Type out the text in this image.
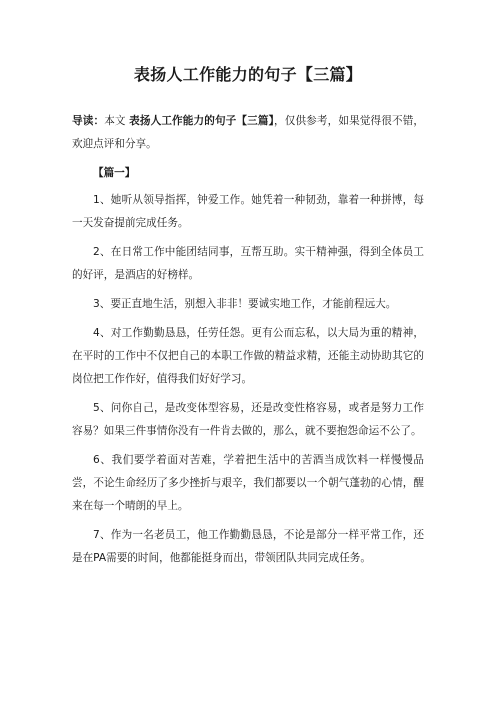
表扬人工作能力的句子【三篇】

导读：本文 表扬人工作能力的句子【三篇】，仅供参考，如果觉得很不错，欢迎点评和分享。

【篇一】

1、她听从领导指挥，钟爱工作。她凭着一种韧劲，靠着一种拼博，每一天发奋提前完成任务。

2、在日常工作中能团结同事，互帮互助。实干精神强，得到全体员工的好评，是酒店的好榜样。

3、要正直地生活，别想入非非！要诚实地工作，才能前程远大。

4、对工作勤勤恳恳，任劳任怨。更有公而忘私，以大局为重的精神，在平时的工作中不仅把自己的本职工作做的精益求精，还能主动协助其它的岗位把工作作好，值得我们好好学习。

5、问你自己，是改变体型容易，还是改变性格容易，或者是努力工作容易？如果三件事情你没有一件肯去做的，那么，就不要抱怨命运不公了。

6、我们要学着面对苦难，学着把生活中的苦酒当成饮料一样慢慢品尝，不论生命经历了多少挫折与艰辛，我们都要以一个朝气蓬勃的心情，醒来在每一个晴朗的早上。

7、作为一名老员工，他工作勤勤恳恳，不论是部分一样平常工作，还是在PA需要的时间，他都能挺身而出，带领团队共同完成任务。
